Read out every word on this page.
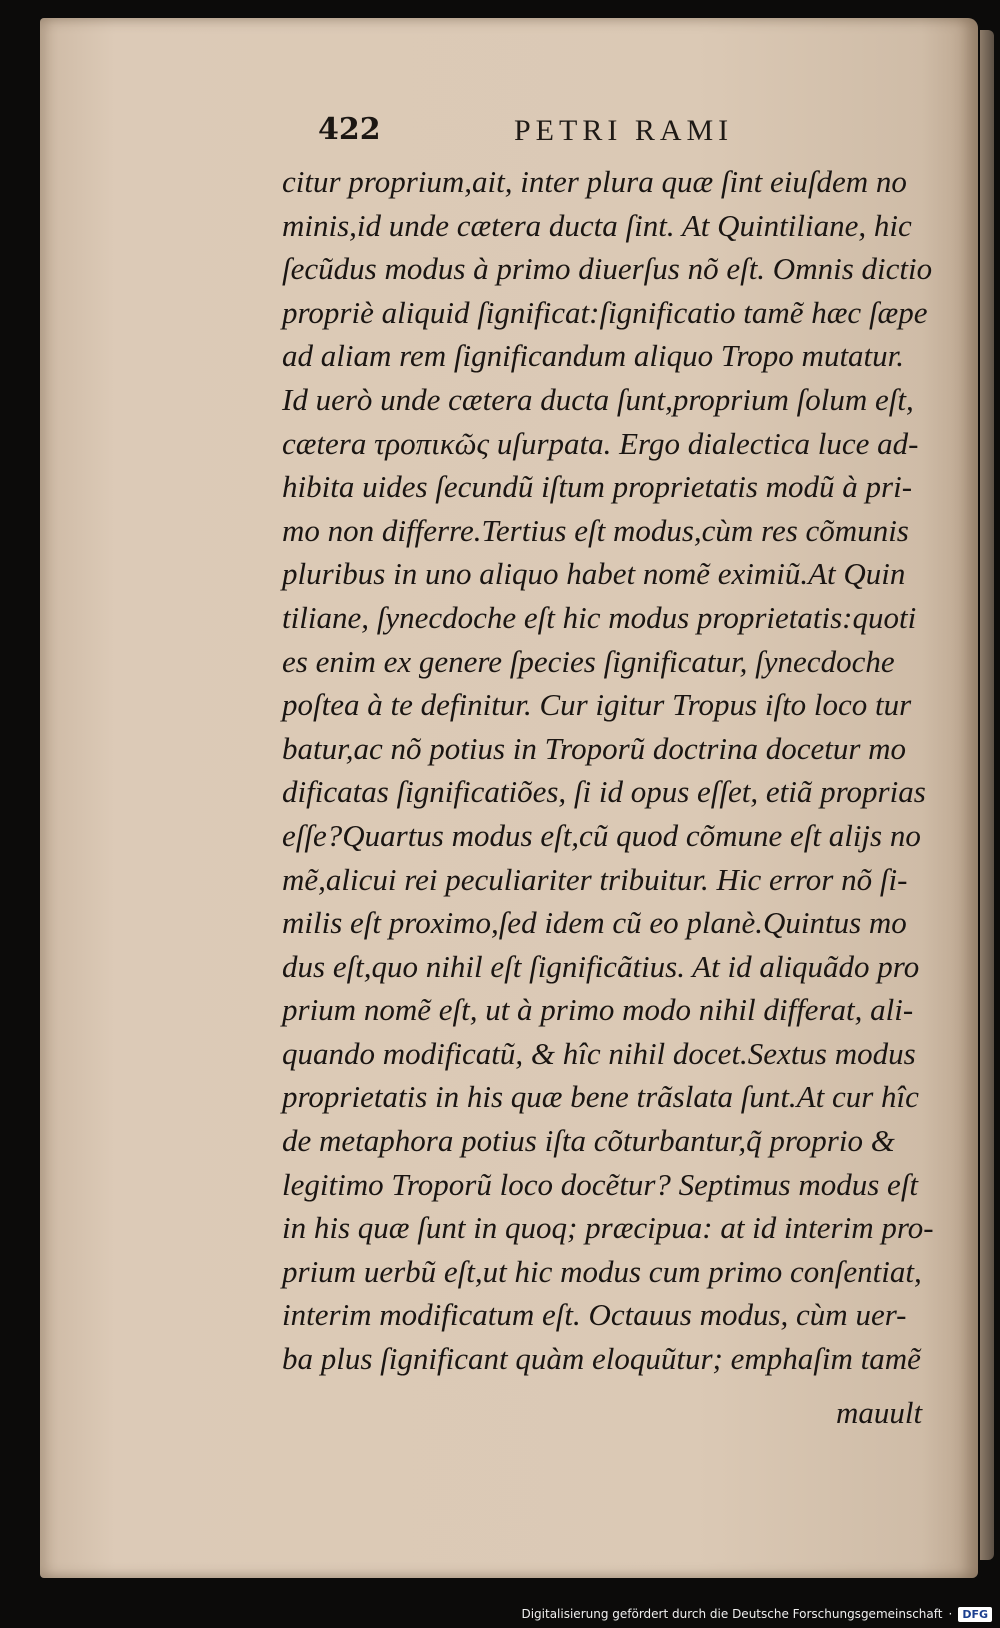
422	PETRI RAMI
citur proprium,ait, inter plura quæ ſint eiuſdem no
minis,id unde cætera ducta ſint. At Quintiliane, hic
ſecũdus modus à primo diuerſus nõ eſt. Omnis dictio
propriè aliquid ſignificat:ſignificatio tamẽ hæc ſæpe
ad aliam rem ſignificandum aliquo Tropo mutatur.
Id uerò unde cætera ducta ſunt,proprium ſolum eſt,
cætera τροπικῶς uſurpata. Ergo dialectica luce ad-
hibita uides ſecundũ iſtum proprietatis modũ à pri-
mo non differre.Tertius eſt modus,cùm res cõmunis
pluribus in uno aliquo habet nomẽ eximiũ.At Quin
tiliane, ſynecdoche eſt hic modus proprietatis:quoti
es enim ex genere ſpecies ſignificatur, ſynecdoche
poſtea à te definitur. Cur igitur Tropus iſto loco tur
batur,ac nõ potius in Troporũ doctrina docetur mo
dificatas ſignificatiões, ſi id opus eſſet, etiã proprias
eſſe?Quartus modus eſt,cũ quod cõmune eſt alijs no
mẽ,alicui rei peculiariter tribuitur. Hic error nõ ſi-
milis eſt proximo,ſed idem cũ eo planè.Quintus mo
dus eſt,quo nihil eſt ſignificãtius. At id aliquãdo pro
prium nomẽ eſt, ut à primo modo nihil differat, ali-
quando modificatũ, & hîc nihil docet.Sextus modus
proprietatis in his quæ bene trãslata ſunt.At cur hîc
de metaphora potius iſta cõturbantur,q̃ proprio &
legitimo Troporũ loco docẽtur? Septimus modus eſt
in his quæ ſunt in quoq; præcipua: at id interim pro-
prium uerbũ eſt,ut hic modus cum primo conſentiat,
interim modificatum eſt. Octauus modus, cùm uer-
ba plus ſignificant quàm eloquũtur; emphaſim tamẽ
mauult
Digitalisierung gefördert durch die Deutsche Forschungsgemeinschaft · DFG
